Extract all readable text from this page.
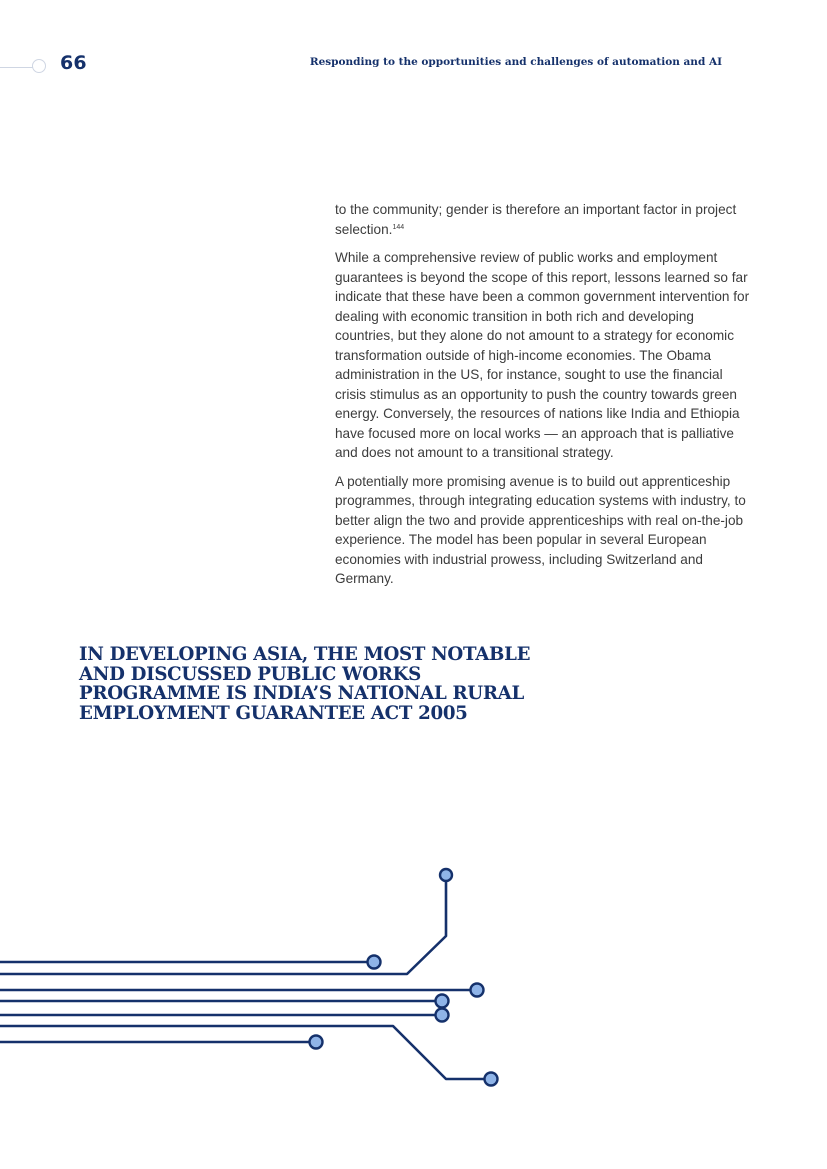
66	Responding to the opportunities and challenges of automation and AI

to the community; gender is therefore an important factor in project selection.$^{144}$

While a comprehensive review of public works and employment guarantees is beyond the scope of this report, lessons learned so far indicate that these have been a common government intervention for dealing with economic transition in both rich and developing countries, but they alone do not amount to a strategy for economic transformation outside of high-income economies. The Obama administration in the US, for instance, sought to use the financial crisis stimulus as an opportunity to push the country towards green energy. Conversely, the resources of nations like India and Ethiopia have focused more on local works — an approach that is palliative and does not amount to a transitional strategy.

A potentially more promising avenue is to build out apprenticeship programmes, through integrating education systems with industry, to better align the two and provide apprenticeships with real on-the-job experience. The model has been popular in several European economies with industrial prowess, including Switzerland and Germany.

IN DEVELOPING ASIA, THE MOST NOTABLE AND DISCUSSED PUBLIC WORKS PROGRAMME IS INDIA’S NATIONAL RURAL EMPLOYMENT GUARANTEE ACT 2005
